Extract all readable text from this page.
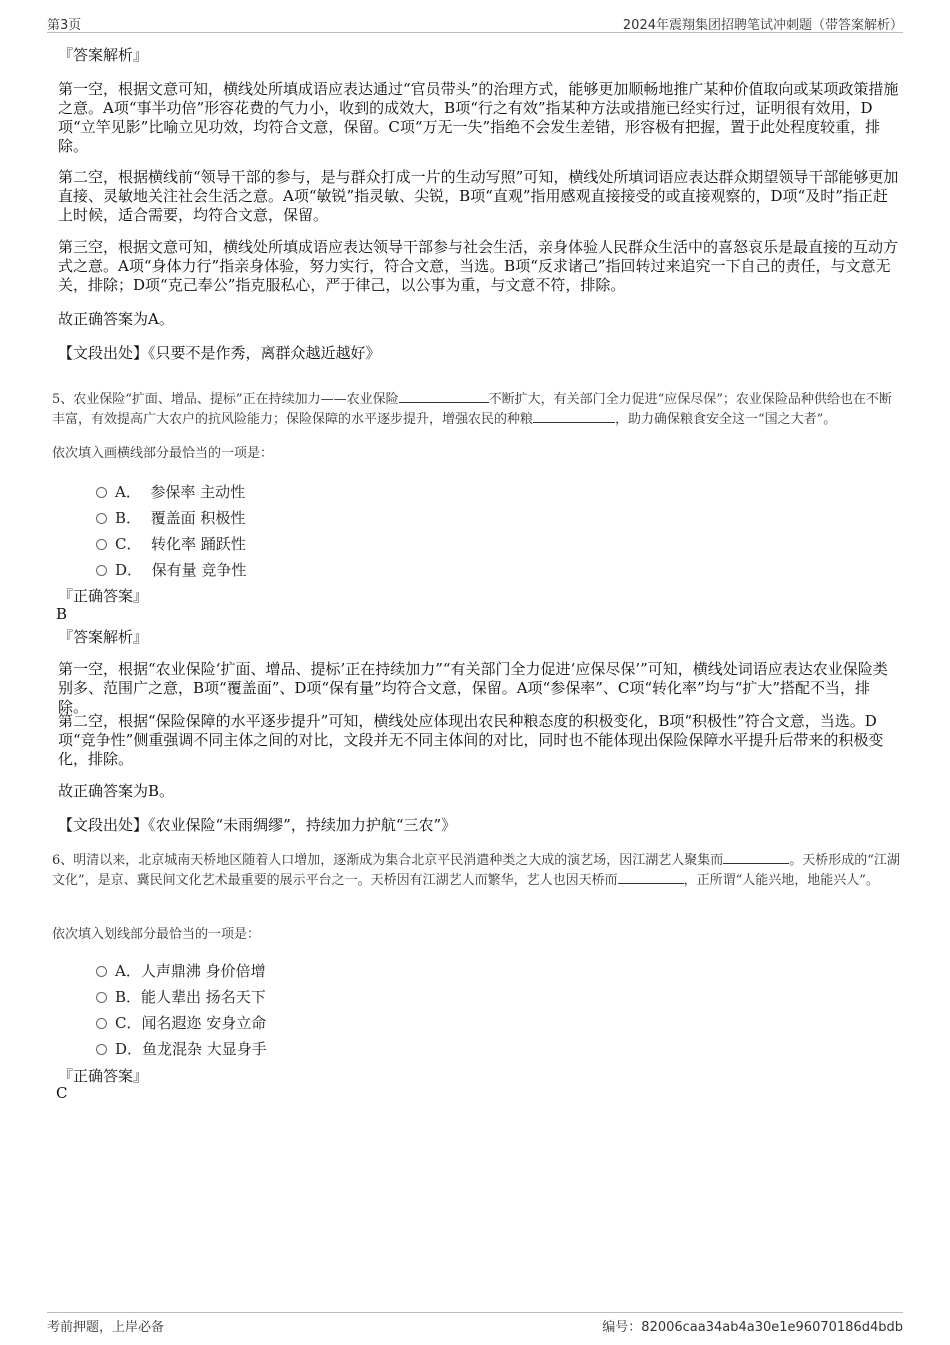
第3页	2024年震翔集团招聘笔试冲刺题（带答案解析）

『答案解析』

第一空，根据文意可知，横线处所填成语应表达通过“官员带头”的治理方式，能够更加顺畅地推广某种价值取向或某项政策措施之意。A项“事半功倍”形容花费的气力小，收到的成效大，B项“行之有效”指某种方法或措施已经实行过，证明很有效用，D项“立竿见影”比喻立见功效，均符合文意，保留。C项“万无一失”指绝不会发生差错，形容极有把握，置于此处程度较重，排除。

第二空，根据横线前“领导干部的参与，是与群众打成一片的生动写照”可知，横线处所填词语应表达群众期望领导干部能够更加直接、灵敏地关注社会生活之意。A项“敏锐”指灵敏、尖锐，B项“直观”指用感观直接接受的或直接观察的，D项“及时”指正赶上时候，适合需要，均符合文意，保留。

第三空，根据文意可知，横线处所填成语应表达领导干部参与社会生活，亲身体验人民群众生活中的喜怒哀乐是最直接的互动方式之意。A项“身体力行”指亲身体验，努力实行，符合文意，当选。B项“反求诸己”指回转过来追究一下自己的责任，与文意无关，排除；D项“克己奉公”指克服私心，严于律己，以公事为重，与文意不符，排除。

故正确答案为A。

【文段出处】《只要不是作秀，离群众越近越好》

5、农业保险“扩面、增品、提标”正在持续加力——农业保险	不断扩大，有关部门全力促进“应保尽保”；农业保险品种供给也在不断丰富，有效提高广大农户的抗风险能力；保险保障的水平逐步提升，增强农民的种粮	，助力确保粮食安全这一“国之大者”。

依次填入画横线部分最恰当的一项是：

A． 参保率 主动性
B． 覆盖面 积极性
C． 转化率 踊跃性
D． 保有量 竞争性
『正确答案』
B
『答案解析』

第一空，根据“农业保险‘扩面、增品、提标’正在持续加力”“有关部门全力促进‘应保尽保’”可知，横线处词语应表达农业保险类别多、范围广之意，B项“覆盖面”、D项“保有量”均符合文意，保留。A项“参保率”、C项“转化率”均与“扩大”搭配不当，排除。

第二空，根据“保险保障的水平逐步提升”可知，横线处应体现出农民种粮态度的积极变化，B项“积极性”符合文意，当选。D项“竞争性”侧重强调不同主体之间的对比，文段并无不同主体间的对比，同时也不能体现出保险保障水平提升后带来的积极变化，排除。

故正确答案为B。

【文段出处】《农业保险“未雨绸缪”，持续加力护航“三农”》

6、明清以来，北京城南天桥地区随着人口增加，逐渐成为集合北京平民消遣种类之大成的演艺场，因江湖艺人聚集而	。天桥形成的“江湖文化”，是京、冀民间文化艺术最重要的展示平台之一。天桥因有江湖艺人而繁华，艺人也因天桥而	，正所谓“人能兴地，地能兴人”。

依次填入划线部分最恰当的一项是：

A．人声鼎沸 身价倍增
B．能人辈出 扬名天下
C．闻名遐迩 安身立命
D．鱼龙混杂 大显身手
『正确答案』
C
考前押题，上岸必备	编号：82006caa34ab4a30e1e96070186d4bdb
